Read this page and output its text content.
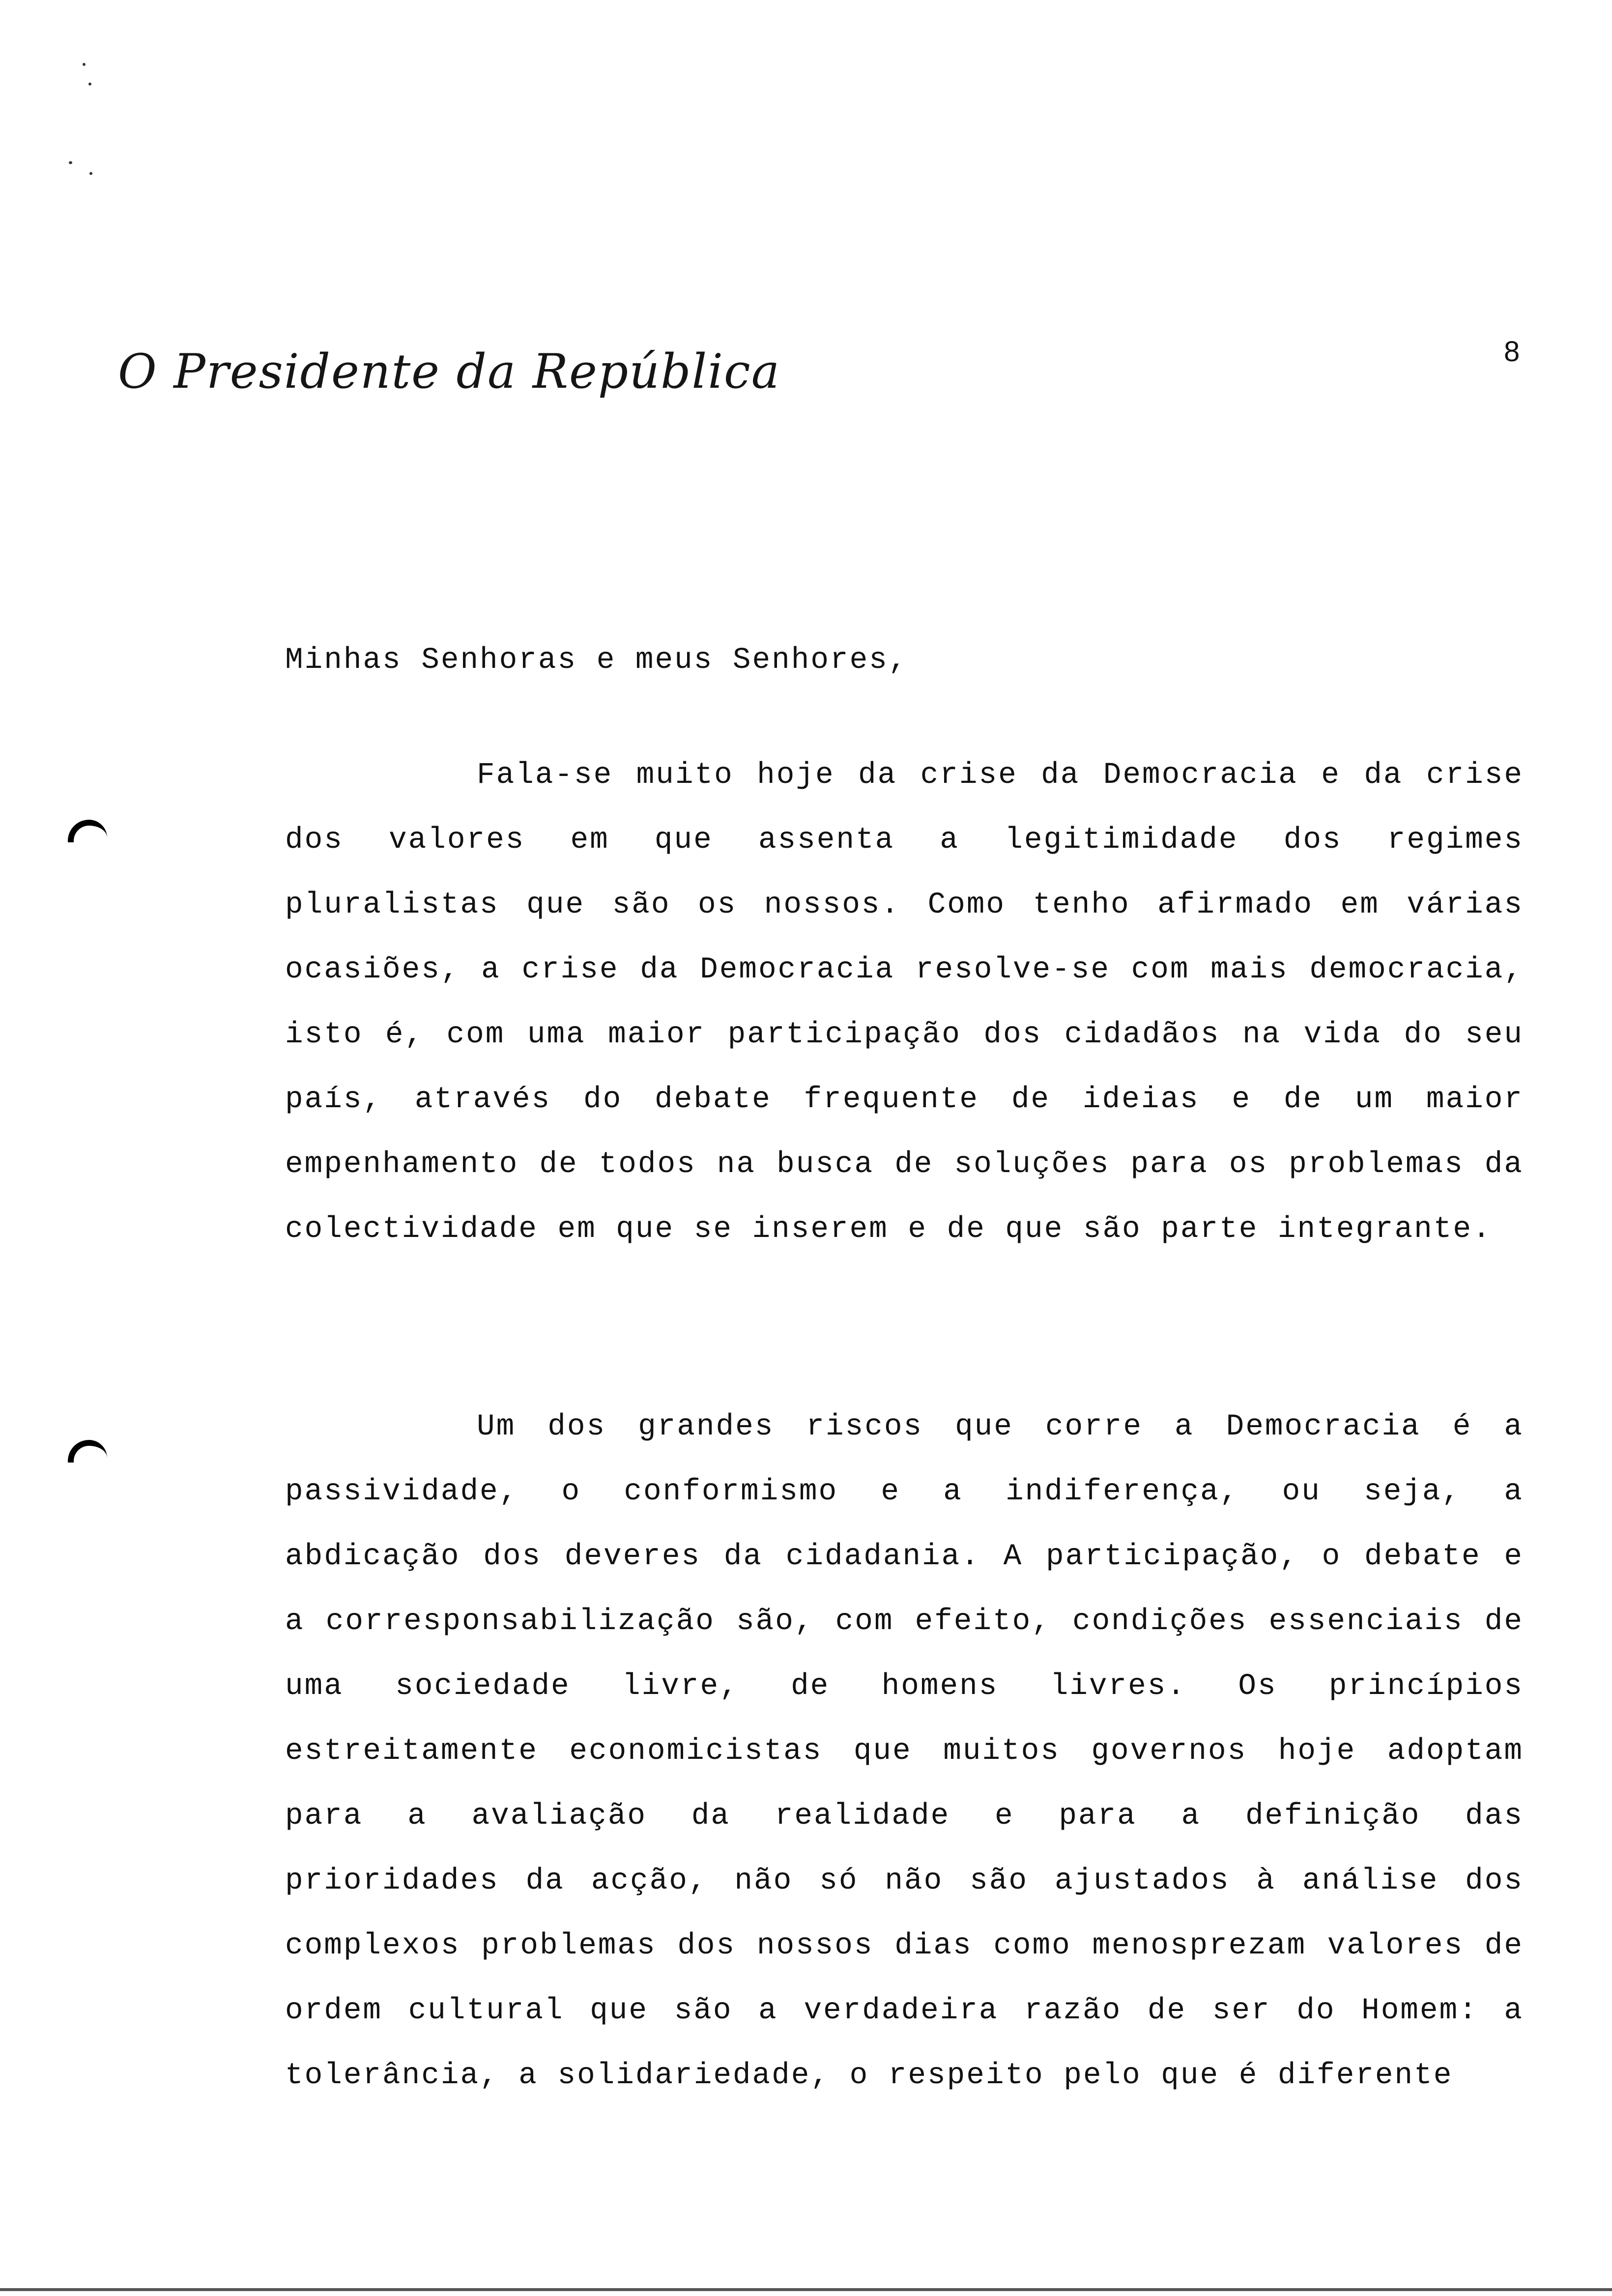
O Presidente da República	8
Minhas Senhoras e meus Senhores,

Fala-se muito hoje da crise da Democracia e da crise dos valores em que assenta a legitimidade dos regimes pluralistas que são os nossos. Como tenho afirmado em várias ocasiões, a crise da Democracia resolve-se com mais democracia, isto é, com uma maior participação dos cidadãos na vida do seu país, através do debate frequente de ideias e de um maior empenhamento de todos na busca de soluções para os problemas da colectividade em que se inserem e de que são parte integrante.

Um dos grandes riscos que corre a Democracia é a passividade, o conformismo e a indiferença, ou seja, a abdicação dos deveres da cidadania. A participação, o debate e a corresponsabilização são, com efeito, condições essenciais de uma sociedade livre, de homens livres. Os princípios estreitamente economicistas que muitos governos hoje adoptam para a avaliação da realidade e para a definição das prioridades da acção, não só não são ajustados à análise dos complexos problemas dos nossos dias como menosprezam valores de ordem cultural que são a verdadeira razão de ser do Homem: a tolerância, a solidariedade, o respeito pelo que é diferente
